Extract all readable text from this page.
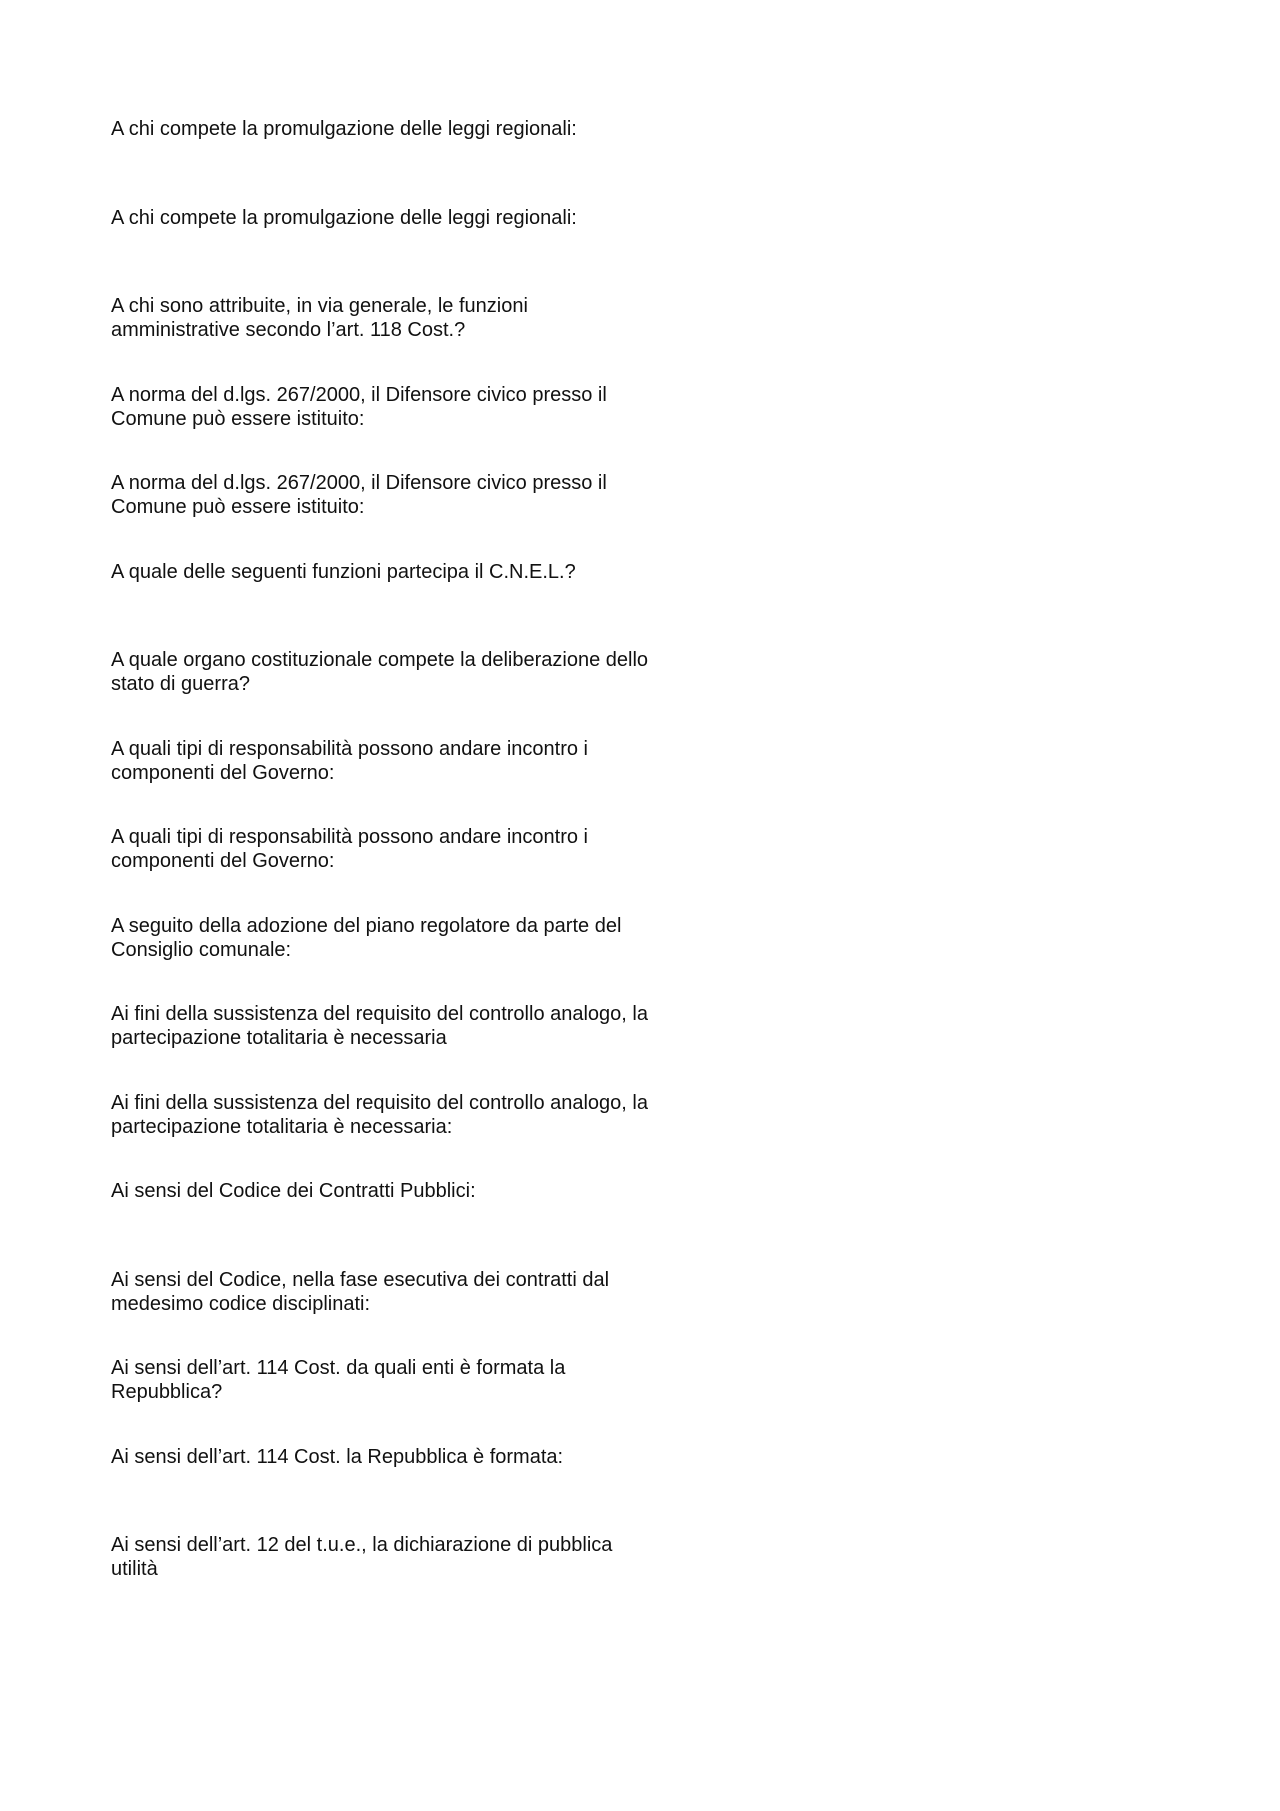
A chi compete la promulgazione delle leggi regionali:
A chi compete la promulgazione delle leggi regionali:
A chi sono attribuite, in via generale, le funzioni
amministrative secondo l’art. 118 Cost.?
A norma del d.lgs. 267/2000, il Difensore civico presso il
Comune può essere istituito:
A norma del d.lgs. 267/2000, il Difensore civico presso il
Comune può essere istituito:
A quale delle seguenti funzioni partecipa il C.N.E.L.?
A quale organo costituzionale compete la deliberazione dello
stato di guerra?
A quali tipi di responsabilità possono andare incontro i
componenti del Governo:
A quali tipi di responsabilità possono andare incontro i
componenti del Governo:
A seguito della adozione del piano regolatore da parte del
Consiglio comunale:
Ai fini della sussistenza del requisito del controllo analogo, la
partecipazione totalitaria è necessaria
Ai fini della sussistenza del requisito del controllo analogo, la
partecipazione totalitaria è necessaria:
Ai sensi del Codice dei Contratti Pubblici:
Ai sensi del Codice, nella fase esecutiva dei contratti dal
medesimo codice disciplinati:
Ai sensi dell’art. 114 Cost. da quali enti è formata la
Repubblica?
Ai sensi dell’art. 114 Cost. la Repubblica è formata:
Ai sensi dell’art. 12 del t.u.e., la dichiarazione di pubblica
utilità
